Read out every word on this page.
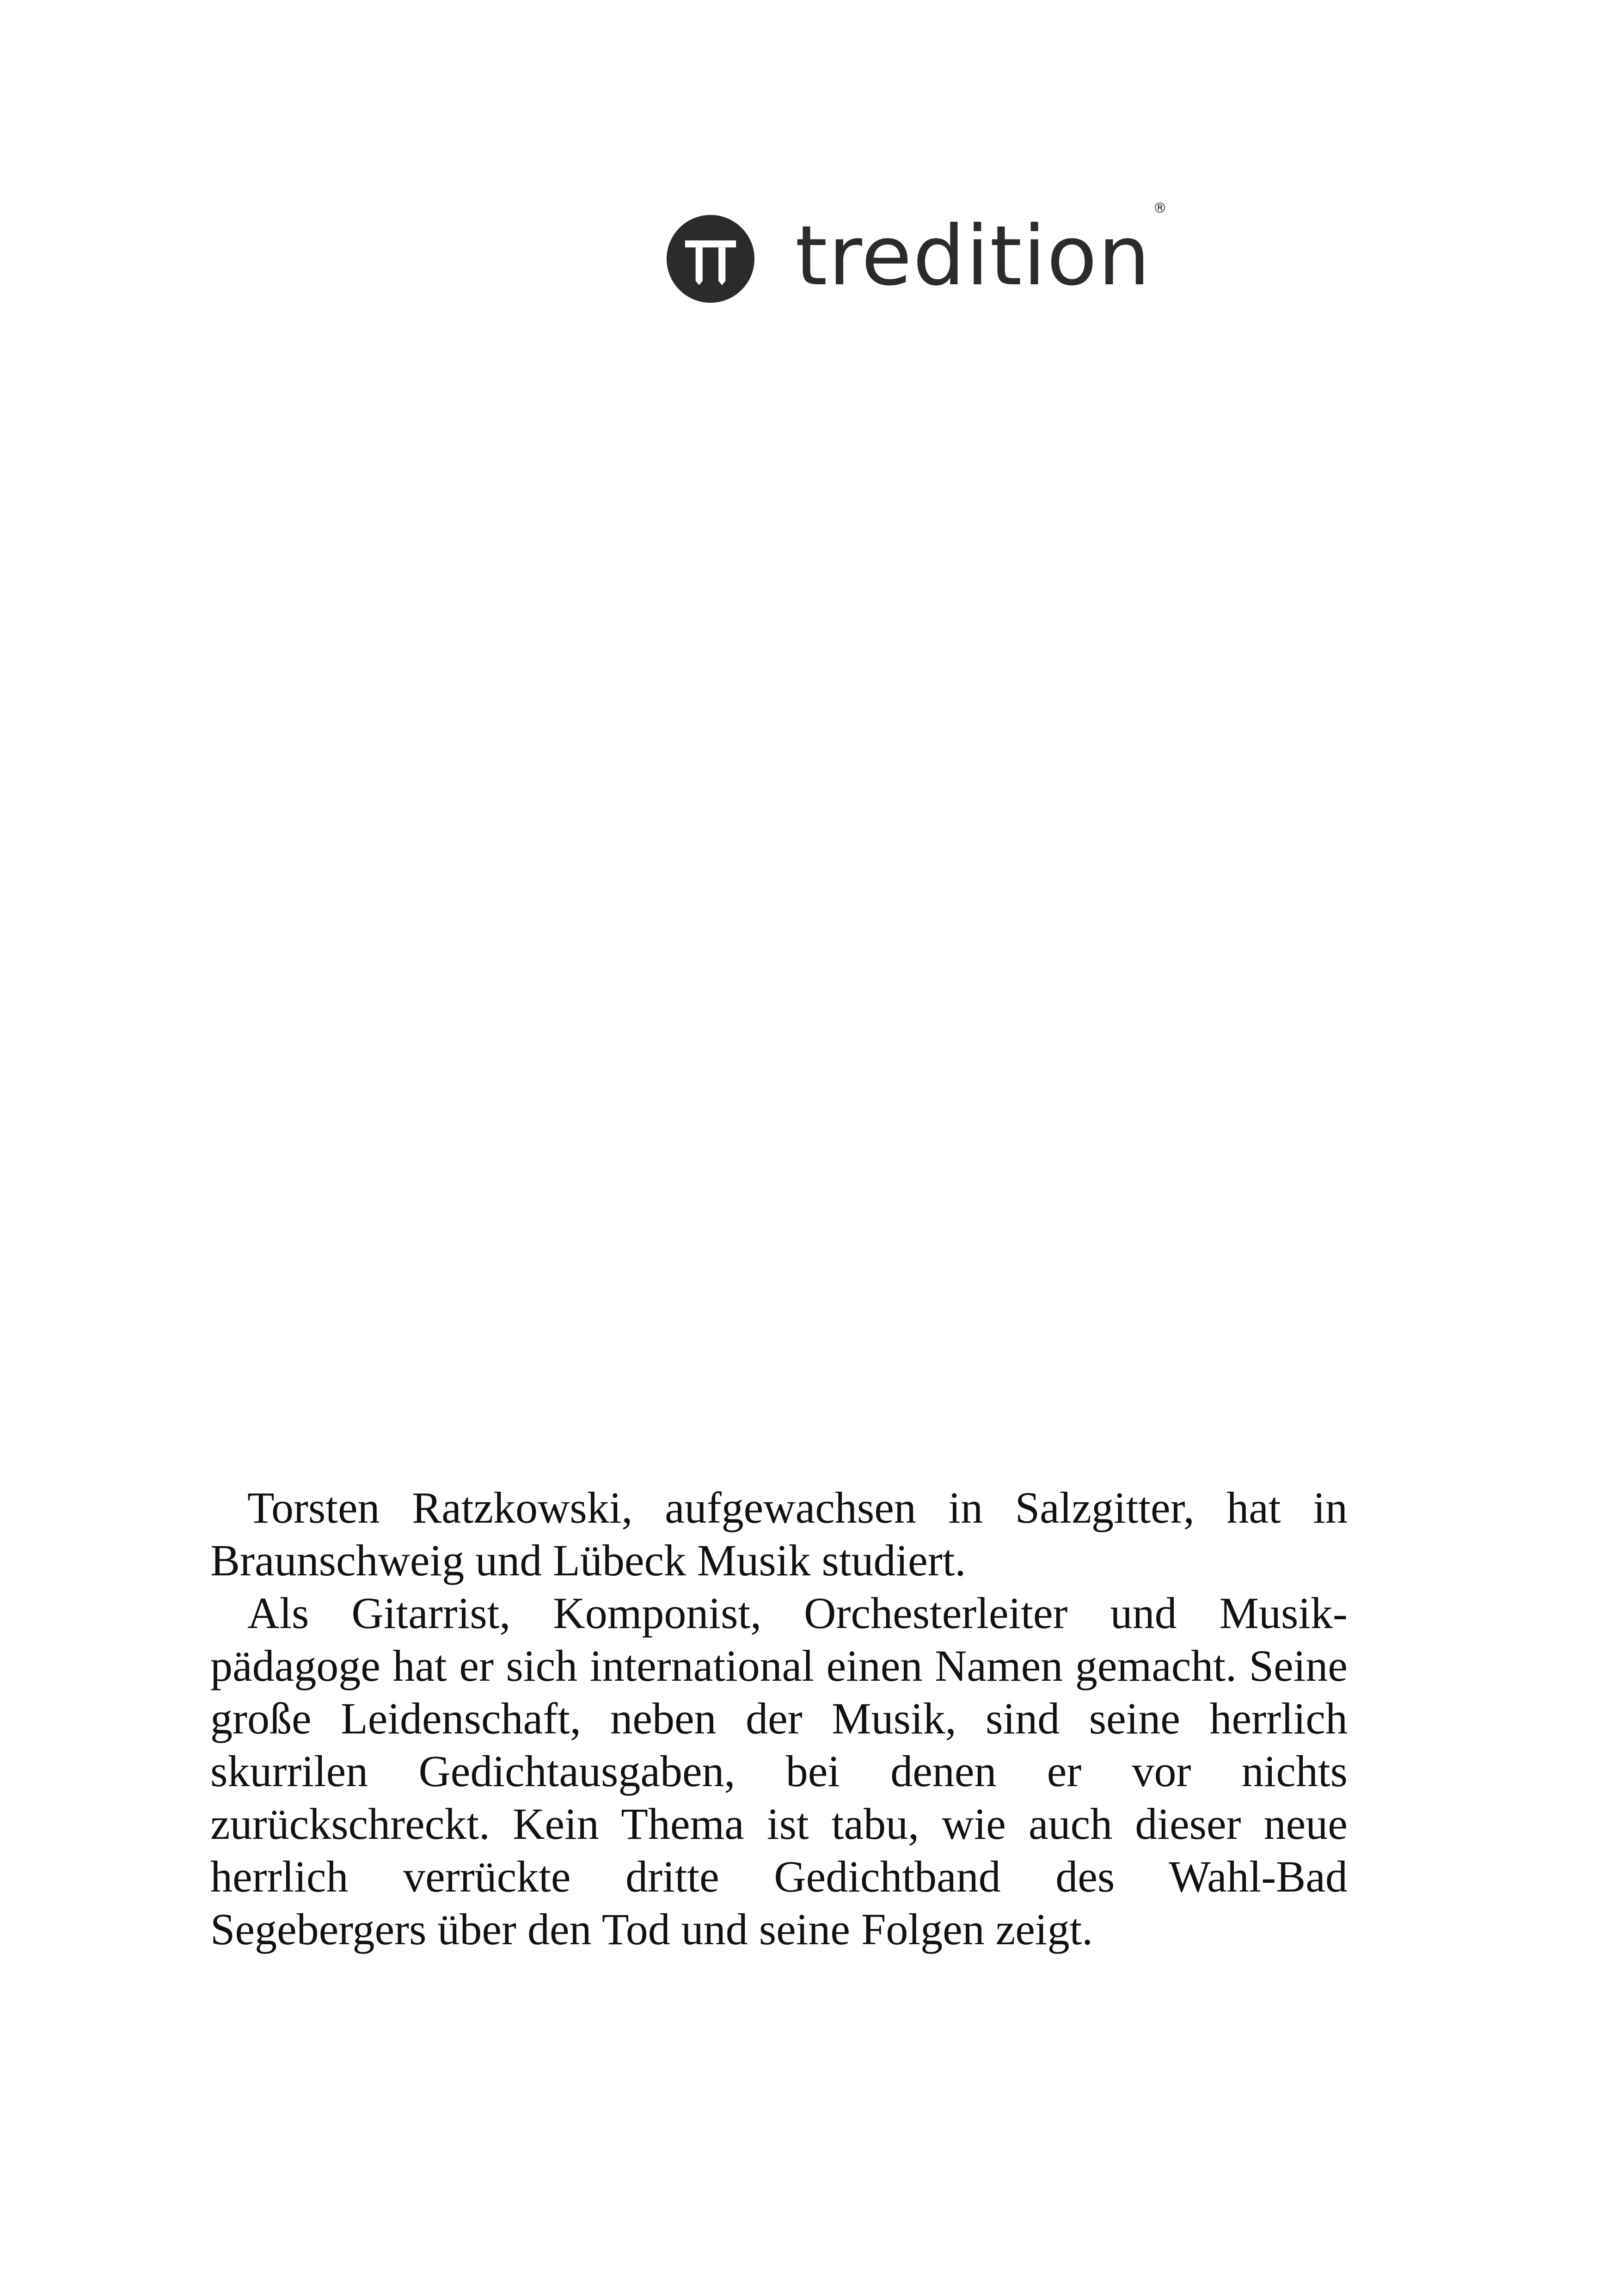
tredition ®

Torsten Ratzkowski, aufgewachsen in Salzgitter, hat in Braunschweig und Lübeck Musik studiert.

Als Gitarrist, Komponist, Orchesterleiter und Musik-pädagoge hat er sich international einen Namen gemacht. Seine große Leidenschaft, neben der Musik, sind seine herrlich skurrilen Gedichtausgaben, bei denen er vor nichts zurückschreckt. Kein Thema ist tabu, wie auch dieser neue herrlich verrückte dritte Gedichtband des Wahl-Bad Segebergers über den Tod und seine Folgen zeigt.
